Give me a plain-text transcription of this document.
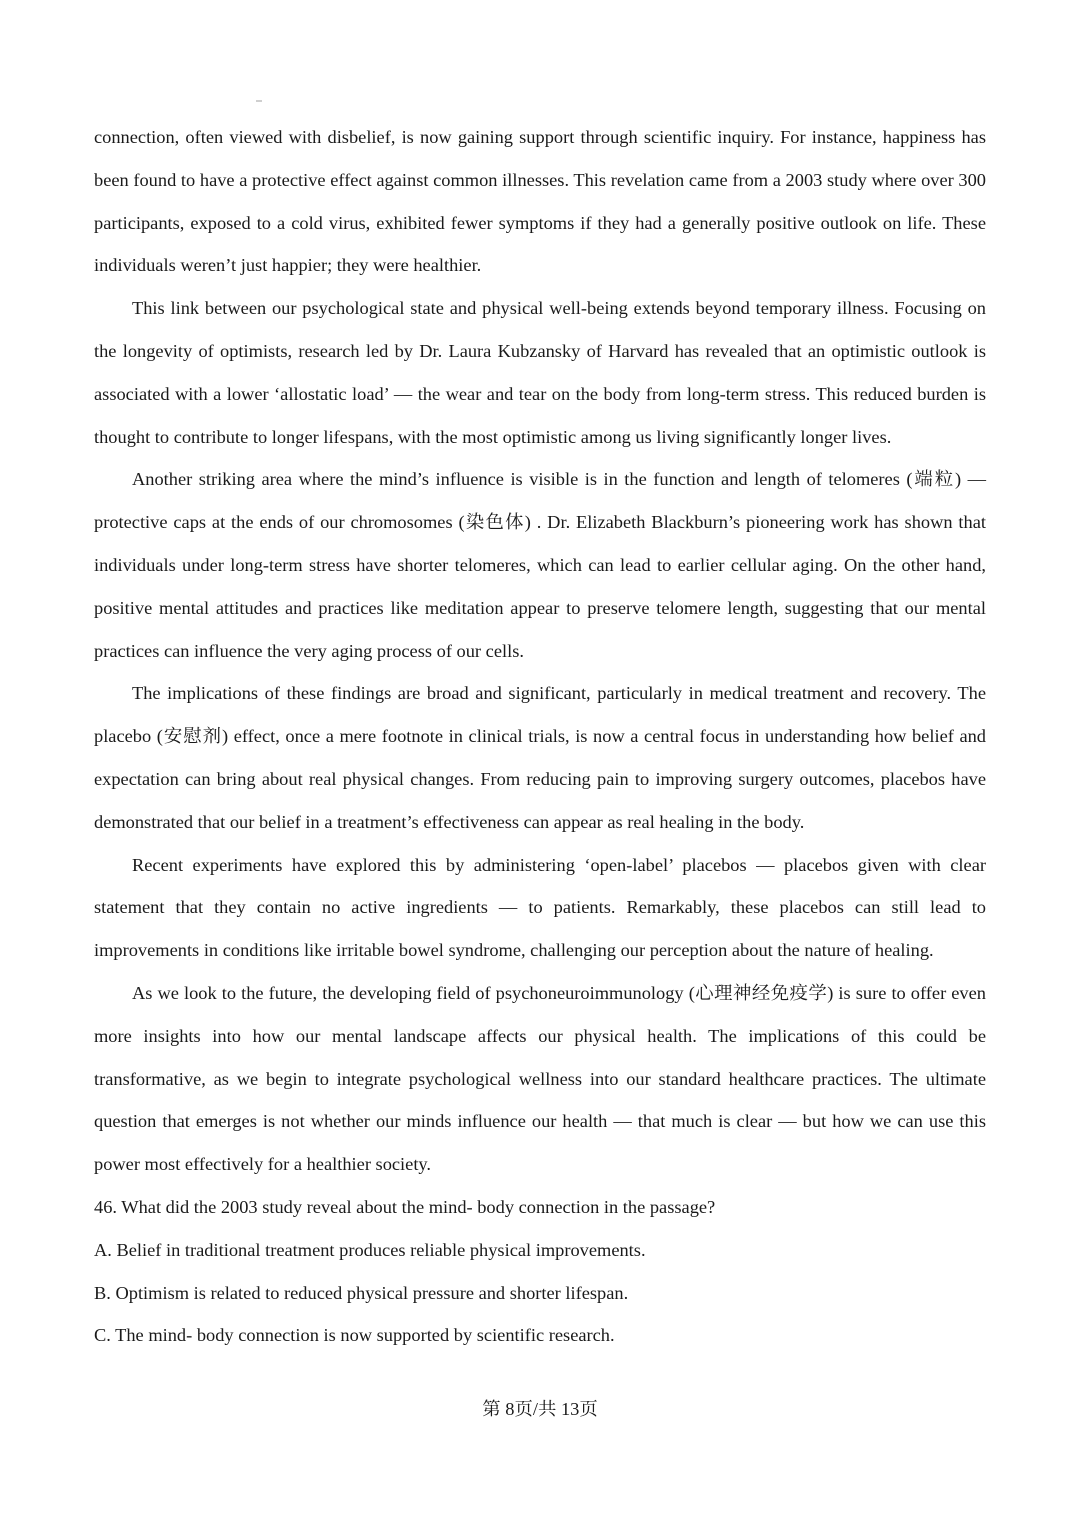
connection, often viewed with disbelief, is now gaining support through scientific inquiry. For instance, happiness has been found to have a protective effect against common illnesses. This revelation came from a 2003 study where over 300 participants, exposed to a cold virus, exhibited fewer symptoms if they had a generally positive outlook on life. These individuals weren’t just happier; they were healthier.

This link between our psychological state and physical well-being extends beyond temporary illness. Focusing on the longevity of optimists, research led by Dr. Laura Kubzansky of Harvard has revealed that an optimistic outlook is associated with a lower ‘allostatic load’ — the wear and tear on the body from long-term stress. This reduced burden is thought to contribute to longer lifespans, with the most optimistic among us living significantly longer lives.

Another striking area where the mind’s influence is visible is in the function and length of telomeres (端粒) — protective caps at the ends of our chromosomes (染色体) . Dr. Elizabeth Blackburn’s pioneering work has shown that individuals under long-term stress have shorter telomeres, which can lead to earlier cellular aging. On the other hand, positive mental attitudes and practices like meditation appear to preserve telomere length, suggesting that our mental practices can influence the very aging process of our cells.

The implications of these findings are broad and significant, particularly in medical treatment and recovery. The placebo (安慰剂) effect, once a mere footnote in clinical trials, is now a central focus in understanding how belief and expectation can bring about real physical changes. From reducing pain to improving surgery outcomes, placebos have demonstrated that our belief in a treatment’s effectiveness can appear as real healing in the body.

Recent experiments have explored this by administering ‘open-label’ placebos — placebos given with clear statement that they contain no active ingredients — to patients. Remarkably, these placebos can still lead to improvements in conditions like irritable bowel syndrome, challenging our perception about the nature of healing.

As we look to the future, the developing field of psychoneuroimmunology (心理神经免疫学) is sure to offer even more insights into how our mental landscape affects our physical health. The implications of this could be transformative, as we begin to integrate psychological wellness into our standard healthcare practices. The ultimate question that emerges is not whether our minds influence our health — that much is clear — but how we can use this power most effectively for a healthier society.

46. What did the 2003 study reveal about the mind- body connection in the passage?

A. Belief in traditional treatment produces reliable physical improvements.

B. Optimism is related to reduced physical pressure and shorter lifespan.

C. The mind- body connection is now supported by scientific research.

第 8页/共 13页
